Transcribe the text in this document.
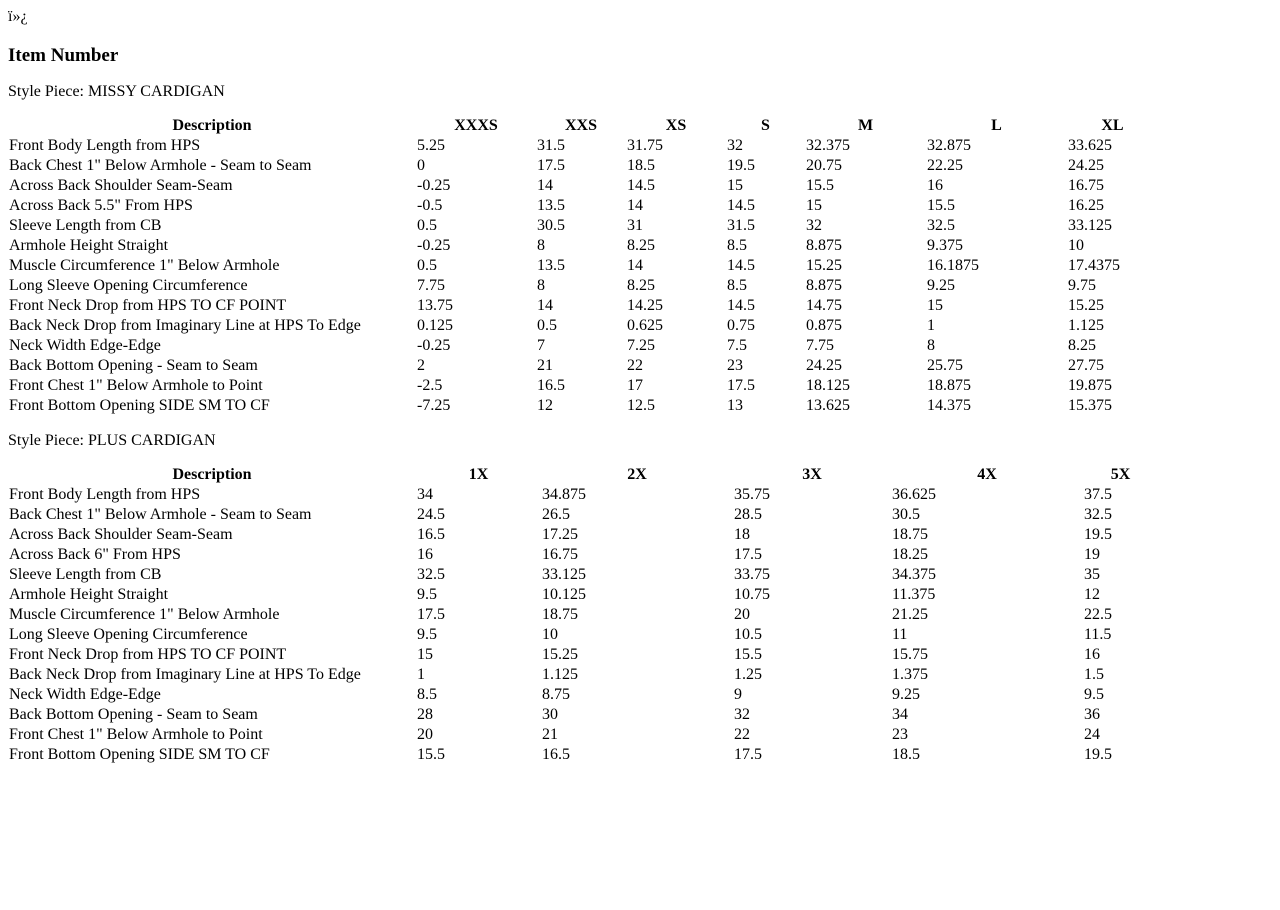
ï»¿
Item Number

Style Piece: MISSY CARDIGAN

Description	XXXS	XXS	XS	S	M	L	XL
Front Body Length from HPS	5.25	31.5	31.75	32	32.375	32.875	33.625
Back Chest 1" Below Armhole - Seam to Seam	0	17.5	18.5	19.5	20.75	22.25	24.25
Across Back Shoulder Seam-Seam	-0.25	14	14.5	15	15.5	16	16.75
Across Back 5.5" From HPS	-0.5	13.5	14	14.5	15	15.5	16.25
Sleeve Length from CB	0.5	30.5	31	31.5	32	32.5	33.125
Armhole Height Straight	-0.25	8	8.25	8.5	8.875	9.375	10
Muscle Circumference 1" Below Armhole	0.5	13.5	14	14.5	15.25	16.1875	17.4375
Long Sleeve Opening Circumference	7.75	8	8.25	8.5	8.875	9.25	9.75
Front Neck Drop from HPS TO CF POINT	13.75	14	14.25	14.5	14.75	15	15.25
Back Neck Drop from Imaginary Line at HPS To Edge	0.125	0.5	0.625	0.75	0.875	1	1.125
Neck Width Edge-Edge	-0.25	7	7.25	7.5	7.75	8	8.25
Back Bottom Opening - Seam to Seam	2	21	22	23	24.25	25.75	27.75
Front Chest 1" Below Armhole to Point	-2.5	16.5	17	17.5	18.125	18.875	19.875
Front Bottom Opening SIDE SM TO CF	-7.25	12	12.5	13	13.625	14.375	15.375

Style Piece: PLUS CARDIGAN

Description	1X	2X	3X	4X	5X
Front Body Length from HPS	34	34.875	35.75	36.625	37.5
Back Chest 1" Below Armhole - Seam to Seam	24.5	26.5	28.5	30.5	32.5
Across Back Shoulder Seam-Seam	16.5	17.25	18	18.75	19.5
Across Back 6" From HPS	16	16.75	17.5	18.25	19
Sleeve Length from CB	32.5	33.125	33.75	34.375	35
Armhole Height Straight	9.5	10.125	10.75	11.375	12
Muscle Circumference 1" Below Armhole	17.5	18.75	20	21.25	22.5
Long Sleeve Opening Circumference	9.5	10	10.5	11	11.5
Front Neck Drop from HPS TO CF POINT	15	15.25	15.5	15.75	16
Back Neck Drop from Imaginary Line at HPS To Edge	1	1.125	1.25	1.375	1.5
Neck Width Edge-Edge	8.5	8.75	9	9.25	9.5
Back Bottom Opening - Seam to Seam	28	30	32	34	36
Front Chest 1" Below Armhole to Point	20	21	22	23	24
Front Bottom Opening SIDE SM TO CF	15.5	16.5	17.5	18.5	19.5
